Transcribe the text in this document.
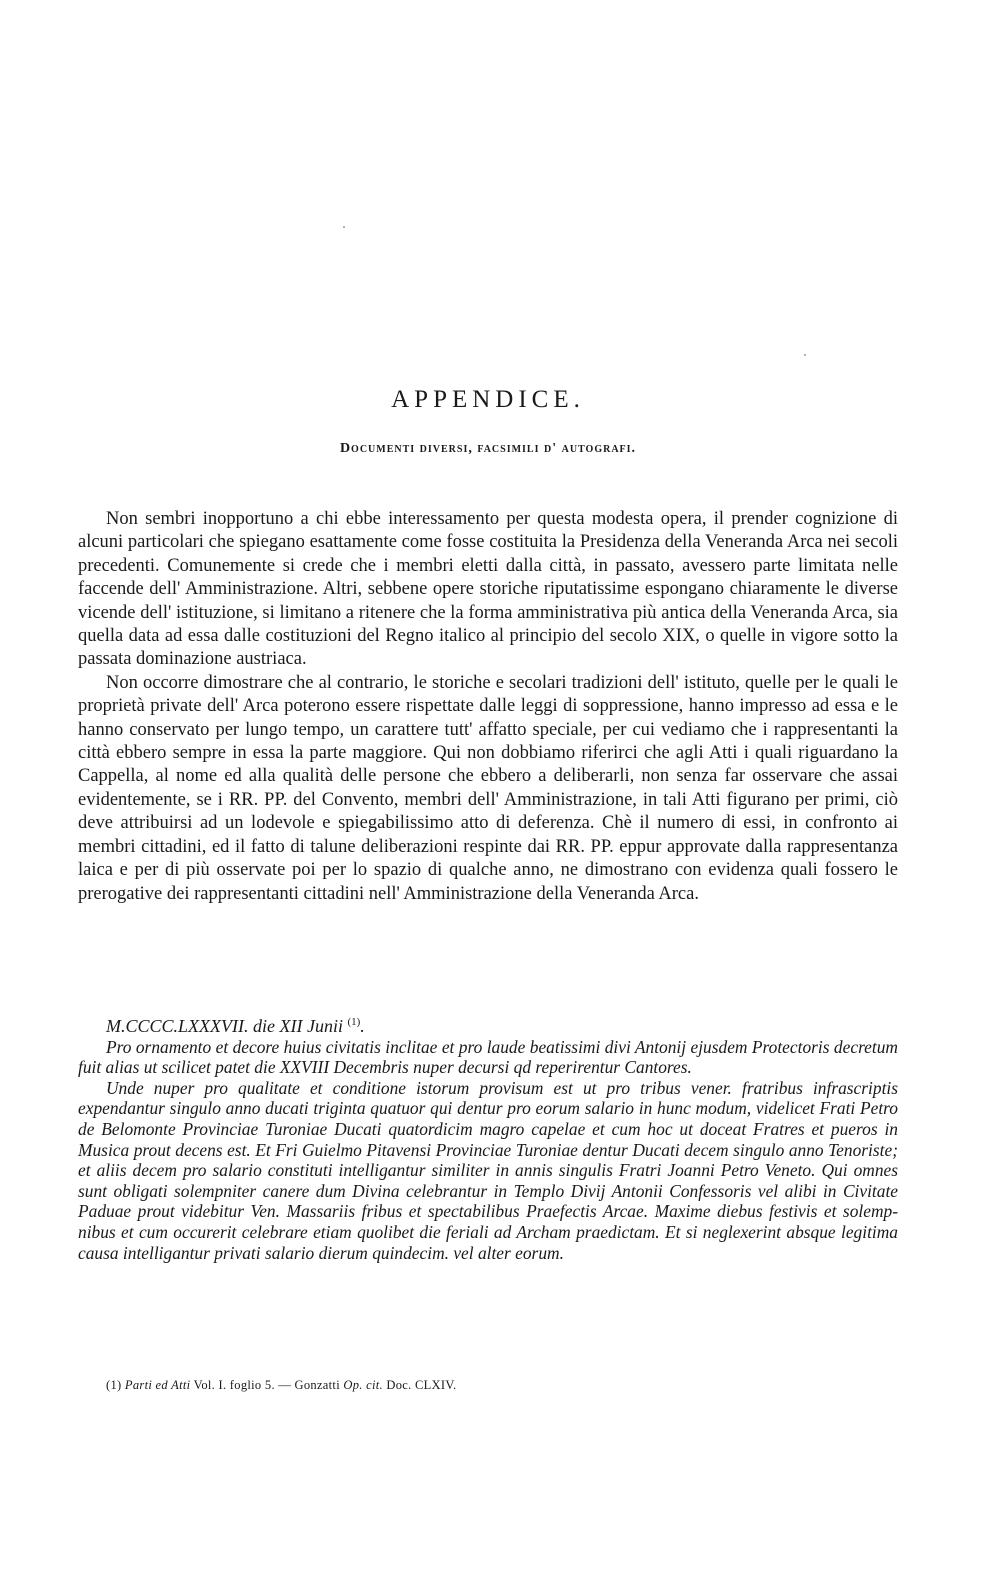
APPENDICE.
Documenti diversi, facsimili d' autografi.

Non sembri inopportuno a chi ebbe interessamento per questa modesta opera, il prender cognizione di alcuni particolari che spiegano esattamente come fosse costituita la Presidenza della Veneranda Arca nei secoli precedenti. Comunemente si crede che i membri eletti dalla città, in passato, avessero parte limitata nelle faccende dell' Amministrazione. Altri, sebbene opere storiche riputatissime espongano chiaramente le diverse vicende dell' istituzione, si limitano a ritenere che la forma amministrativa più antica della Veneranda Arca, sia quella data ad essa dalle costituzioni del Regno italico al principio del secolo XIX, o quelle in vigore sotto la passata dominazione austriaca.

Non occorre dimostrare che al contrario, le storiche e secolari tradizioni dell' istituto, quelle per le quali le proprietà private dell' Arca poterono essere rispettate dalle leggi di soppressione, hanno impresso ad essa e le hanno conservato per lungo tempo, un carattere tutt' affatto speciale, per cui vediamo che i rappresentanti la città ebbero sempre in essa la parte maggiore. Qui non dobbiamo riferirci che agli Atti i quali riguardano la Cappella, al nome ed alla qualità delle persone che ebbero a deliberarli, non senza far osservare che assai evidentemente, se i RR. PP. del Convento, membri dell' Amministrazione, in tali Atti figurano per primi, ciò deve attribuirsi ad un lodevole e spiegabilissimo atto di deferenza. Chè il numero di essi, in confronto ai membri cittadini, ed il fatto di talune deliberazioni respinte dai RR. PP. eppur approvate dalla rappresentanza laica e per di più osservate poi per lo spazio di qualche anno, ne dimostrano con evidenza quali fossero le prerogative dei rappresentanti cittadini nell' Amministrazione della Veneranda Arca.

M.CCCC.LXXXVII. die XII Junii $^{(1)}$.

Pro ornamento et decore huius civitatis inclitae et pro laude beatissimi divi Antonij ejusdem Protectoris decretum fuit alias ut scilicet patet die XXVIII Decembris nuper decursi qd reperirentur Cantores.

Unde nuper pro qualitate et conditione istorum provisum est ut pro tribus vener. fratribus infrascriptis expendantur singulo anno ducati triginta quatuor qui dentur pro eorum salario in hunc modum, videlicet Frati Petro de Belomonte Provinciae Turoniae Ducati quatordicim magro capelae et cum hoc ut doceat Fratres et pueros in Musica prout decens est. Et Fri Guielmo Pitavensi Provinciae Turoniae dentur Ducati decem singulo anno Tenoriste; et aliis decem pro salario constituti intelligantur similiter in annis singulis Fratri Joanni Petro Veneto. Qui omnes sunt obligati solempniter canere dum Divina celebrantur in Templo Divij Antonii Confessoris vel alibi in Civitate Paduae prout videbitur Ven. Massariis fribus et spectabilibus Praefectis Arcae. Maxime diebus festivis et solempnibus et cum occurerit celebrare etiam quolibet die feriali ad Archam praedictam. Et si neglexerint absque legitima causa intelligantur privati salario dierum quindecim. vel alter eorum.

(1) Parti ed Atti Vol. I. foglio 5. — Gonzatti Op. cit. Doc. CLXIV.
